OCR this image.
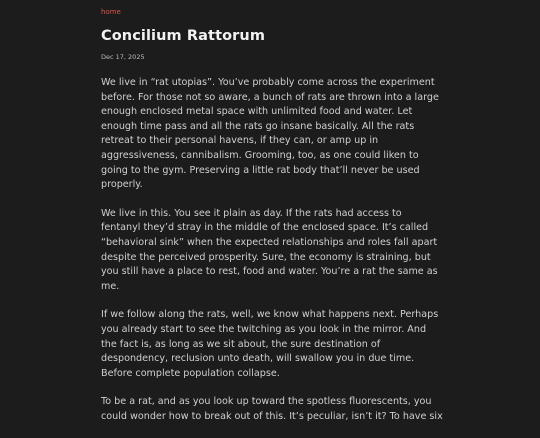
home
Concilium Rattorum
Dec 17, 2025

We live in “rat utopias”. You’ve probably come across the experiment before. For those not so aware, a bunch of rats are thrown into a large enough enclosed metal space with unlimited food and water. Let enough time pass and all the rats go insane basically. All the rats retreat to their personal havens, if they can, or amp up in aggressiveness, cannibalism. Grooming, too, as one could liken to going to the gym. Preserving a little rat body that’ll never be used properly.

We live in this. You see it plain as day. If the rats had access to fentanyl they’d stray in the middle of the enclosed space. It’s called “behavioral sink” when the expected relationships and roles fall apart despite the perceived prosperity. Sure, the economy is straining, but you still have a place to rest, food and water. You’re a rat the same as me.

If we follow along the rats, well, we know what happens next. Perhaps you already start to see the twitching as you look in the mirror. And the fact is, as long as we sit about, the sure destination of despondency, reclusion unto death, will swallow you in due time. Before complete population collapse.

To be a rat, and as you look up toward the spotless fluorescents, you could wonder how to break out of this. It’s peculiar, isn’t it? To have six
